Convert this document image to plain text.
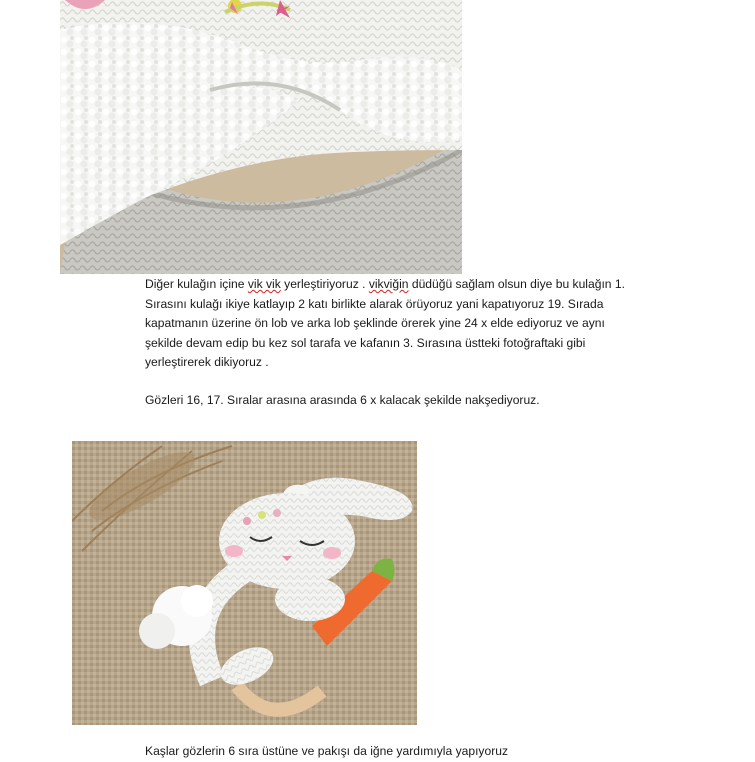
Diğer kulağın içine vik vik yerleştiriyoruz . vikviğin düdüğü sağlam olsun diye bu kulağın 1.
Sırasını kulağı ikiye katlayıp 2 katı birlikte alarak örüyoruz yani kapatıyoruz 19. Sırada
kapatmanın üzerine ön lob ve arka lob şeklinde örerek yine 24 x elde ediyoruz ve aynı
şekilde devam edip bu kez sol tarafa ve kafanın 3. Sırasına üstteki fotoğraftaki gibi
yerleştirerek dikiyoruz .
Gözleri 16, 17. Sıralar arasına arasında 6 x kalacak şekilde nakşediyoruz.
Kaşlar gözlerin 6 sıra üstüne ve pakışı da iğne yardımıyla yapıyoruz
